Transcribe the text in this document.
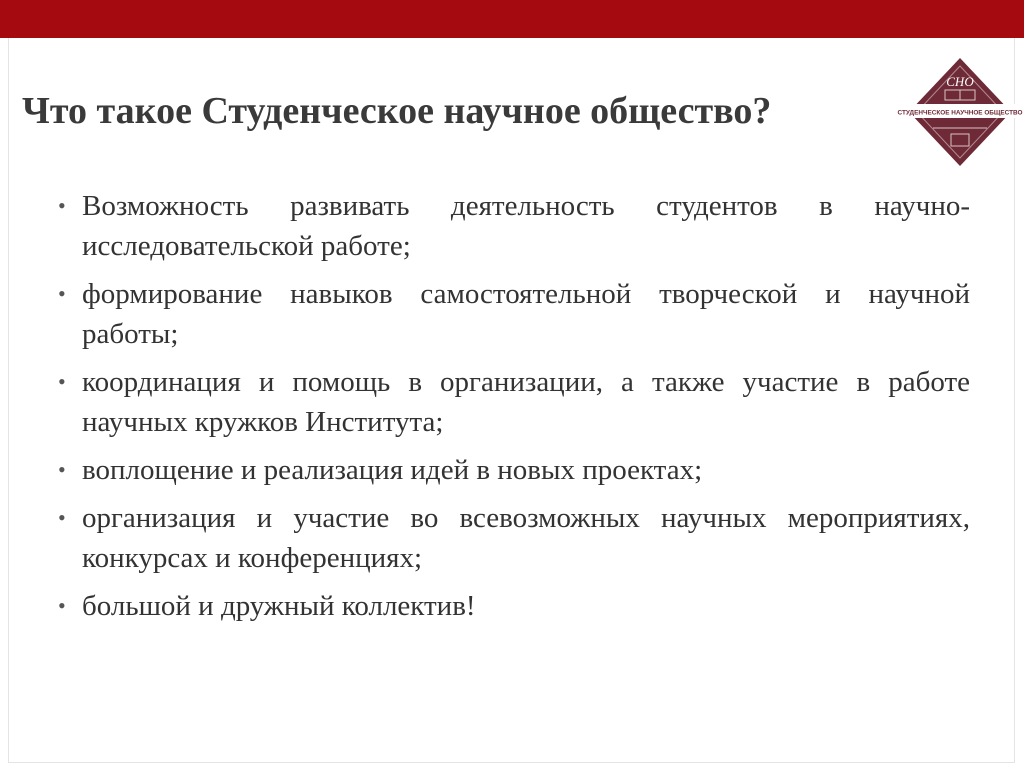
Что такое Студенческое научное общество?
СНО
СТУДЕНЧЕСКОЕ НАУЧНОЕ ОБЩЕСТВО
• Возможность развивать деятельность студентов в научно-исследовательской работе;
• формирование навыков самостоятельной творческой и научной работы;
• координация и помощь в организации, а также участие в работе научных кружков Института;
• воплощение и реализация идей в новых проектах;
• организация и участие во всевозможных научных мероприятиях, конкурсах и конференциях;
• большой и дружный коллектив!
